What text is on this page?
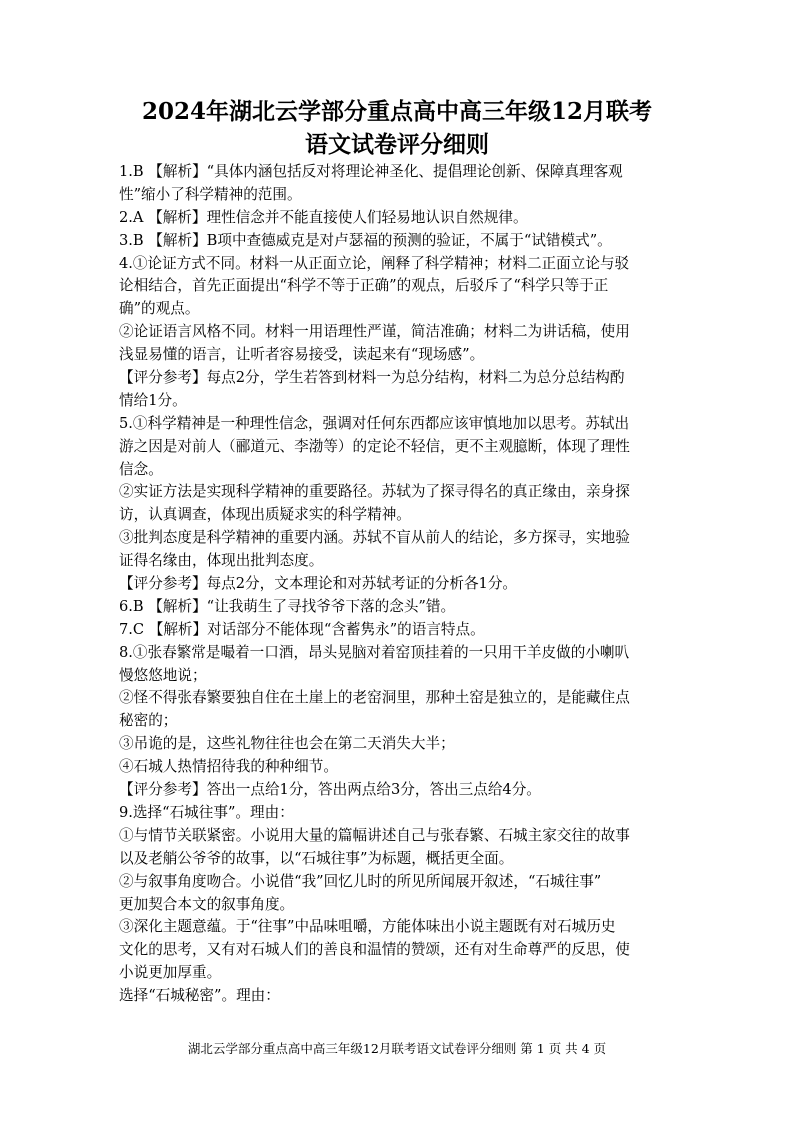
2024年湖北云学部分重点高中高三年级12月联考
语文试卷评分细则
1.B 【解析】“具体内涵包括反对将理论神圣化、提倡理论创新、保障真理客观
性”缩小了科学精神的范围。
2.A 【解析】理性信念并不能直接使人们轻易地认识自然规律。
3.B 【解析】B项中查德威克是对卢瑟福的预测的验证，不属于“试错模式”。
4.①论证方式不同。材料一从正面立论，阐释了科学精神；材料二正面立论与驳
论相结合，首先正面提出“科学不等于正确”的观点，后驳斥了“科学只等于正
确”的观点。
②论证语言风格不同。材料一用语理性严谨，简洁准确；材料二为讲话稿，使用
浅显易懂的语言，让听者容易接受，读起来有“现场感”。
【评分参考】每点2分，学生若答到材料一为总分结构，材料二为总分总结构酌
情给1分。
5.①科学精神是一种理性信念，强调对任何东西都应该审慎地加以思考。苏轼出
游之因是对前人（郦道元、李渤等）的定论不轻信，更不主观臆断，体现了理性
信念。
②实证方法是实现科学精神的重要路径。苏轼为了探寻得名的真正缘由，亲身探
访，认真调查，体现出质疑求实的科学精神。
③批判态度是科学精神的重要内涵。苏轼不盲从前人的结论，多方探寻，实地验
证得名缘由，体现出批判态度。
【评分参考】每点2分，文本理论和对苏轼考证的分析各1分。
6.B 【解析】“让我萌生了寻找爷爷下落的念头”错。
7.C 【解析】对话部分不能体现“含蓄隽永”的语言特点。
8.①张春繁常是嘬着一口酒，昂头晃脑对着窑顶挂着的一只用干羊皮做的小喇叭
慢悠悠地说；
②怪不得张春繁要独自住在土崖上的老窑洞里，那种土窑是独立的，是能藏住点
秘密的；
③吊诡的是，这些礼物往往也会在第二天消失大半；
④石城人热情招待我的种种细节。
【评分参考】答出一点给1分，答出两点给3分，答出三点给4分。
9.选择“石城往事”。理由：
①与情节关联紧密。小说用大量的篇幅讲述自己与张春繁、石城主家交往的故事
以及老艄公爷爷的故事，以“石城往事”为标题，概括更全面。
②与叙事角度吻合。小说借“我”回忆儿时的所见所闻展开叙述，“石城往事”
更加契合本文的叙事角度。
③深化主题意蕴。于“往事”中品味咀嚼，方能体味出小说主题既有对石城历史
文化的思考，又有对石城人们的善良和温情的赞颂，还有对生命尊严的反思，使
小说更加厚重。
选择“石城秘密”。理由：
湖北云学部分重点高中高三年级12月联考语文试卷评分细则 第 1 页 共 4 页
